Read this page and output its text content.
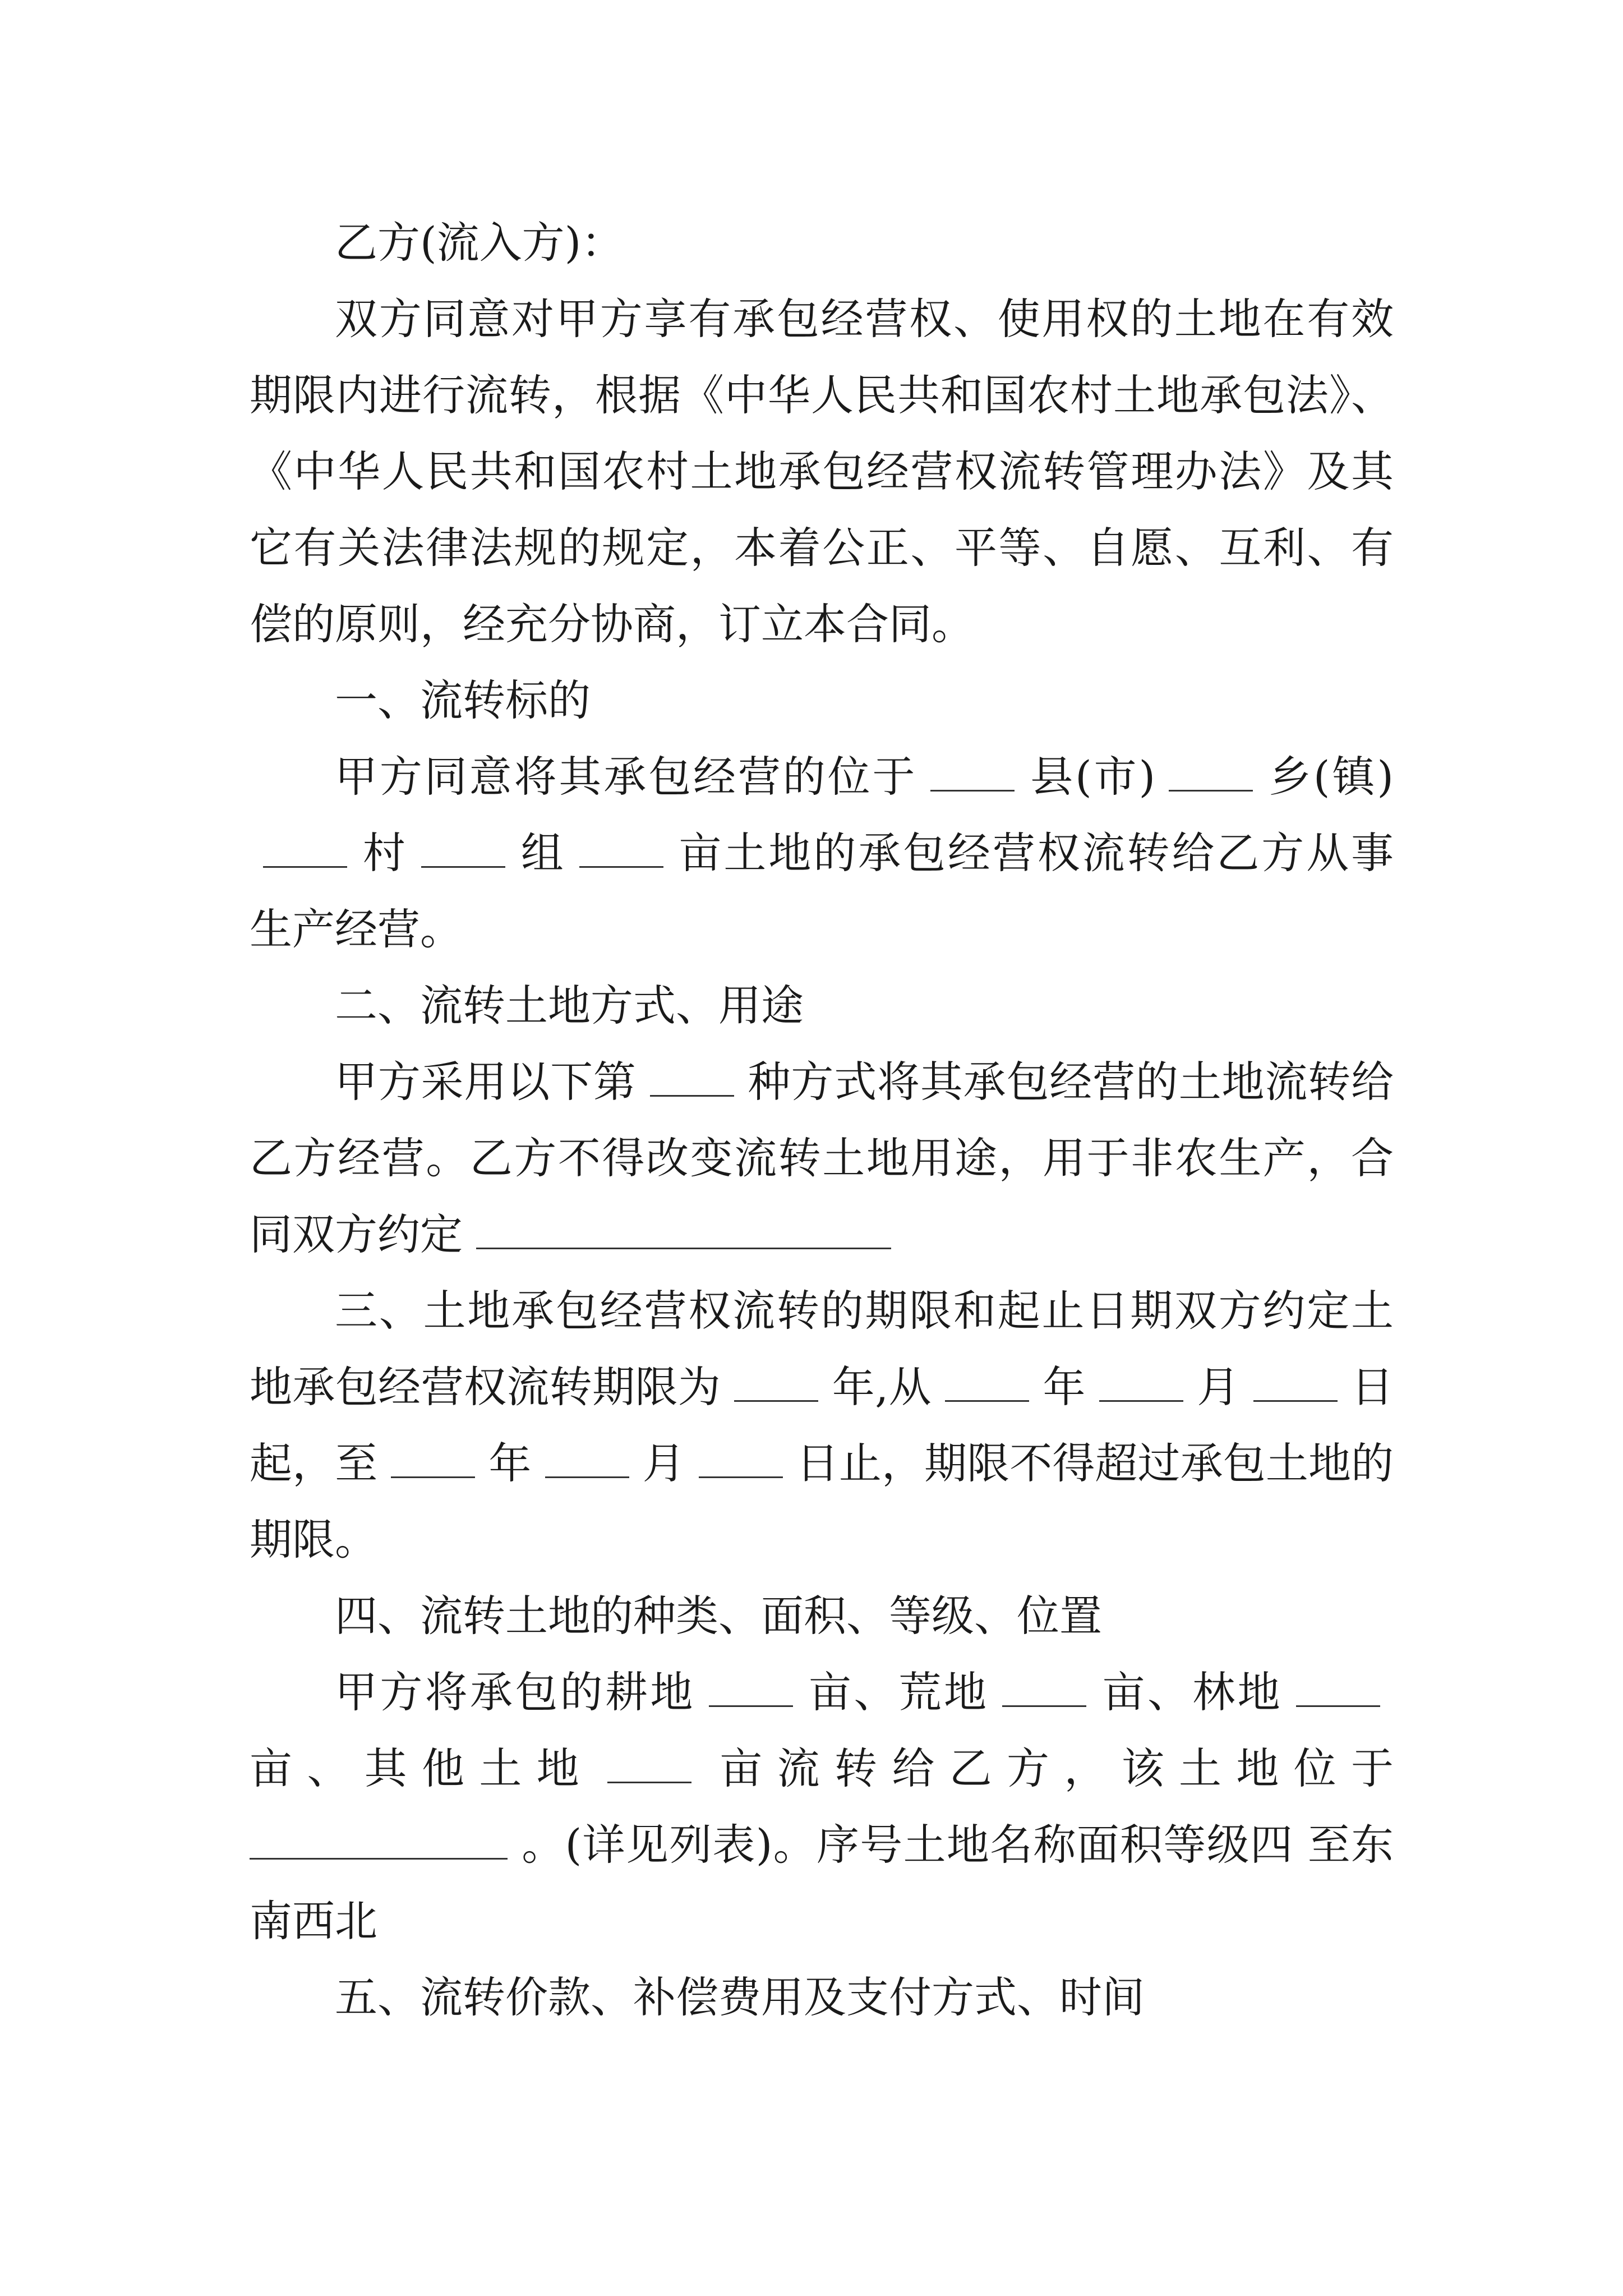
乙方(流入方)：

双方同意对甲方享有承包经营权、使用权的土地在有效期限内进行流转，根据《中华人民共和国农村土地承包法》、《中华人民共和国农村土地承包经营权流转管理办法》及其它有关法律法规的规定，本着公正、平等、自愿、互利、有偿的原则，经充分协商，订立本合同。

一、流转标的

甲方同意将其承包经营的位于	县(市)	乡(镇)村	组	亩土地的承包经营权流转给乙方从事 生产经营。

二、流转土地方式、用途

甲方采用以下第	种方式将其承包经营的土地流转给乙方经营。乙方不得改变流转土地用途，用于非农生产，合同双方约定

三、土地承包经营权流转的期限和起止日期双方约定土地承包经营权流转期限为	年,从	年	月	日起，至	年	月	日止，期限不得超过承包土地的期限。

四、流转土地的种类、面积、等级、位置

甲方将承包的耕地	亩、荒地	亩、林地亩、其他土地	亩流转给乙方，该土地位于。(详见列表)。序号土地名称面积等级四 至东南西北

五、流转价款、补偿费用及支付方式、时间
